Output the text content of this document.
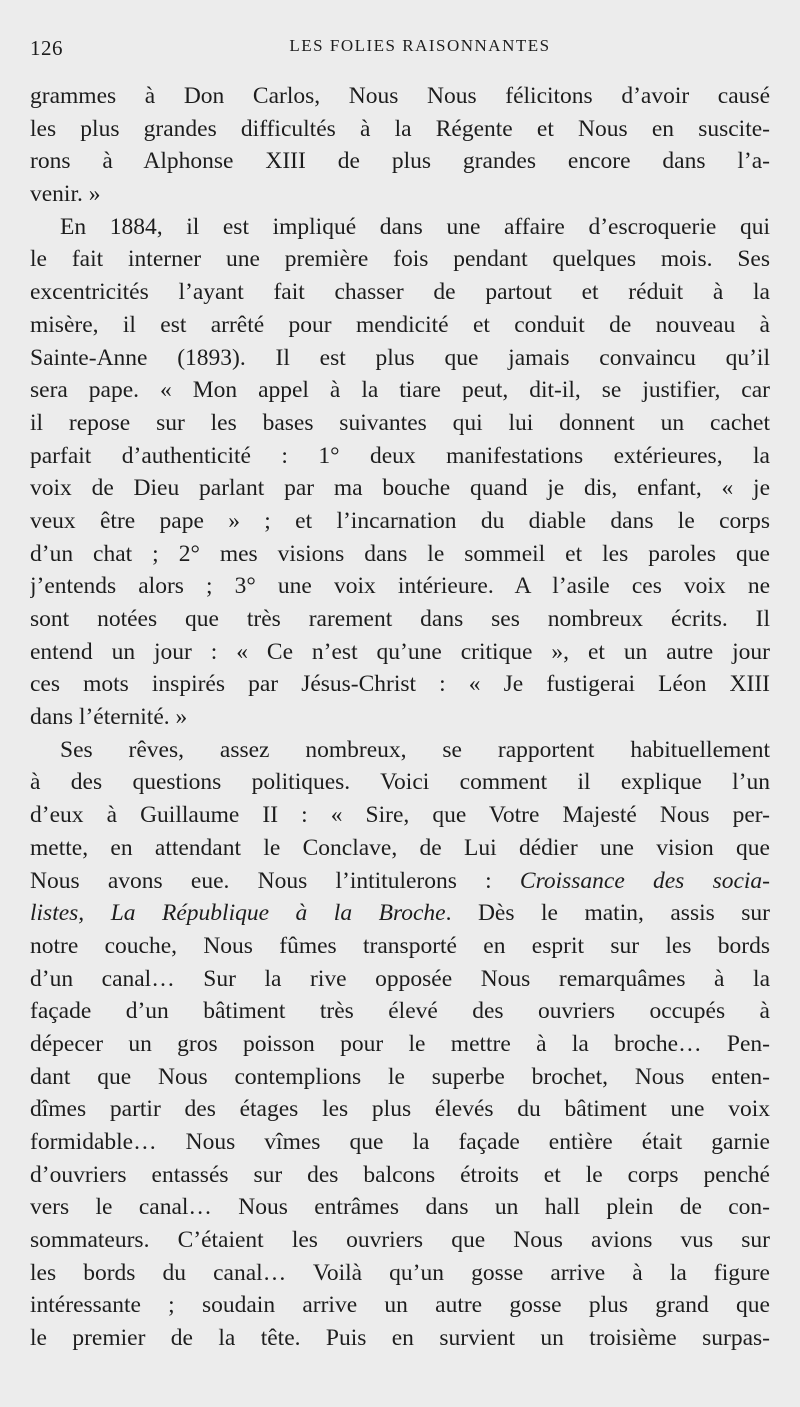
126	LES FOLIES RAISONNANTES
grammes à Don Carlos, Nous Nous félicitons d’avoir causé
les plus grandes difficultés à la Régente et Nous en suscite-
rons à Alphonse XIII de plus grandes encore dans l’a-
venir. »
En 1884, il est impliqué dans une affaire d’escroquerie qui
le fait interner une première fois pendant quelques mois. Ses
excentricités l’ayant fait chasser de partout et réduit à la
misère, il est arrêté pour mendicité et conduit de nouveau à
Sainte-Anne (1893). Il est plus que jamais convaincu qu’il
sera pape. « Mon appel à la tiare peut, dit-il, se justifier, car
il repose sur les bases suivantes qui lui donnent un cachet
parfait d’authenticité : 1° deux manifestations extérieures, la
voix de Dieu parlant par ma bouche quand je dis, enfant, « je
veux être pape » ; et l’incarnation du diable dans le corps
d’un chat ; 2° mes visions dans le sommeil et les paroles que
j’entends alors ; 3° une voix intérieure. A l’asile ces voix ne
sont notées que très rarement dans ses nombreux écrits. Il
entend un jour : « Ce n’est qu’une critique », et un autre jour
ces mots inspirés par Jésus-Christ : « Je fustigerai Léon XIII
dans l’éternité. »
Ses rêves, assez nombreux, se rapportent habituellement
à des questions politiques. Voici comment il explique l’un
d’eux à Guillaume II : « Sire, que Votre Majesté Nous per-
mette, en attendant le Conclave, de Lui dédier une vision que
Nous avons eue. Nous l’intitulerons : Croissance des socia-
listes, La République à la Broche. Dès le matin, assis sur
notre couche, Nous fûmes transporté en esprit sur les bords
d’un canal… Sur la rive opposée Nous remarquâmes à la
façade d’un bâtiment très élevé des ouvriers occupés à
dépecer un gros poisson pour le mettre à la broche… Pen-
dant que Nous contemplions le superbe brochet, Nous enten-
dîmes partir des étages les plus élevés du bâtiment une voix
formidable… Nous vîmes que la façade entière était garnie
d’ouvriers entassés sur des balcons étroits et le corps penché
vers le canal… Nous entrâmes dans un hall plein de con-
sommateurs. C’étaient les ouvriers que Nous avions vus sur
les bords du canal… Voilà qu’un gosse arrive à la figure
intéressante ; soudain arrive un autre gosse plus grand que
le premier de la tête. Puis en survient un troisième surpas-
